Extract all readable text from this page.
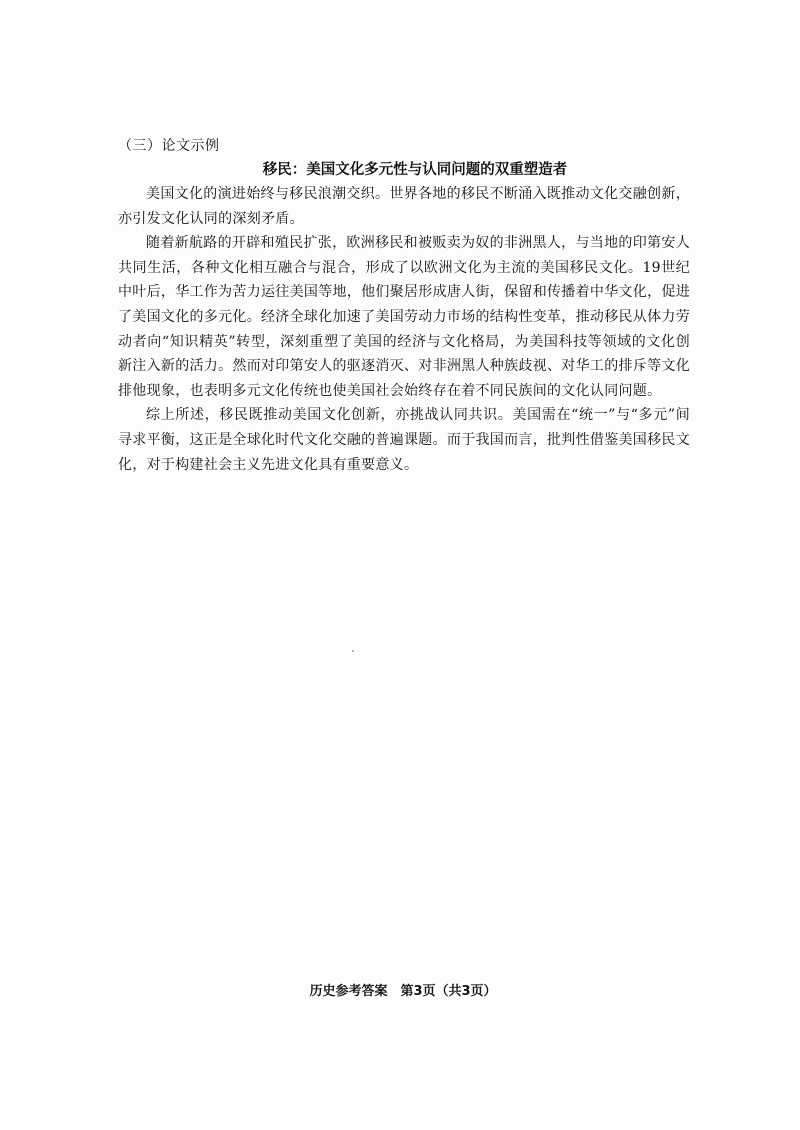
（三）论文示例
移民：美国文化多元性与认同问题的双重塑造者

美国文化的演进始终与移民浪潮交织。世界各地的移民不断涌入既推动文化交融创新，亦引发文化认同的深刻矛盾。

随着新航路的开辟和殖民扩张，欧洲移民和被贩卖为奴的非洲黑人，与当地的印第安人共同生活，各种文化相互融合与混合，形成了以欧洲文化为主流的美国移民文化。19世纪中叶后，华工作为苦力运往美国等地，他们聚居形成唐人街，保留和传播着中华文化，促进了美国文化的多元化。经济全球化加速了美国劳动力市场的结构性变革，推动移民从体力劳动者向“知识精英”转型，深刻重塑了美国的经济与文化格局，为美国科技等领域的文化创新注入新的活力。然而对印第安人的驱逐消灭、对非洲黑人种族歧视、对华工的排斥等文化排他现象，也表明多元文化传统也使美国社会始终存在着不同民族间的文化认同问题。

综上所述，移民既推动美国文化创新，亦挑战认同共识。美国需在“统一”与“多元”间寻求平衡，这正是全球化时代文化交融的普遍课题。而于我国而言，批判性借鉴美国移民文化，对于构建社会主义先进文化具有重要意义。

历史参考答案　第3页（共3页）
